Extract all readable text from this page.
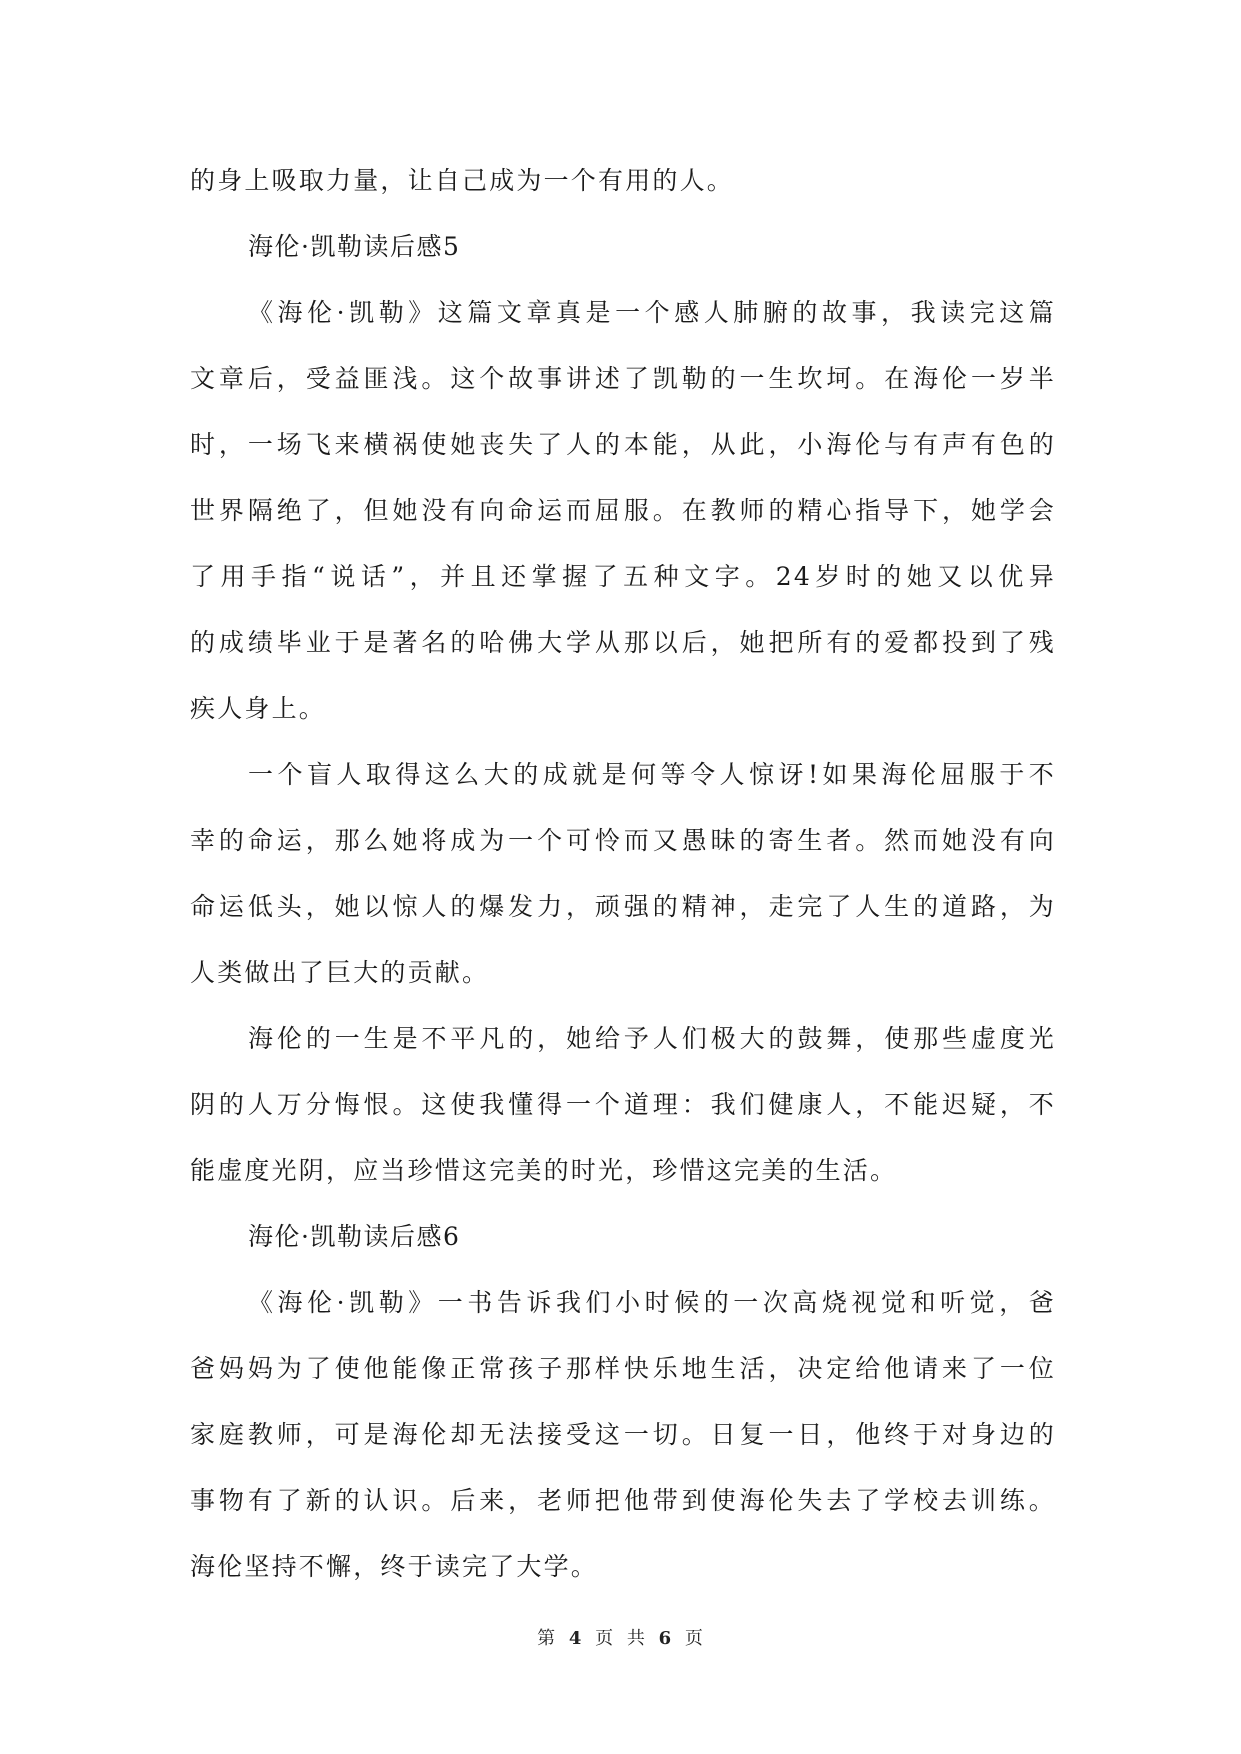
的身上吸取力量，让自己成为一个有用的人。
海伦·凯勒读后感5
《海伦·凯勒》这篇文章真是一个感人肺腑的故事，我读完这篇
文章后，受益匪浅。这个故事讲述了凯勒的一生坎坷。在海伦一岁半
时，一场飞来横祸使她丧失了人的本能，从此，小海伦与有声有色的
世界隔绝了，但她没有向命运而屈服。在教师的精心指导下，她学会
了用手指“说话”，并且还掌握了五种文字。24岁时的她又以优异
的成绩毕业于是著名的哈佛大学从那以后，她把所有的爱都投到了残
疾人身上。
一个盲人取得这么大的成就是何等令人惊讶!如果海伦屈服于不
幸的命运，那么她将成为一个可怜而又愚昧的寄生者。然而她没有向
命运低头，她以惊人的爆发力，顽强的精神，走完了人生的道路，为
人类做出了巨大的贡献。
海伦的一生是不平凡的，她给予人们极大的鼓舞，使那些虚度光
阴的人万分悔恨。这使我懂得一个道理：我们健康人，不能迟疑，不
能虚度光阴，应当珍惜这完美的时光，珍惜这完美的生活。
海伦·凯勒读后感6
《海伦·凯勒》一书告诉我们小时候的一次高烧视觉和听觉，爸
爸妈妈为了使他能像正常孩子那样快乐地生活，决定给他请来了一位
家庭教师，可是海伦却无法接受这一切。日复一日，他终于对身边的
事物有了新的认识。后来，老师把他带到使海伦失去了学校去训练。
海伦坚持不懈，终于读完了大学。
第 4 页 共 6 页
